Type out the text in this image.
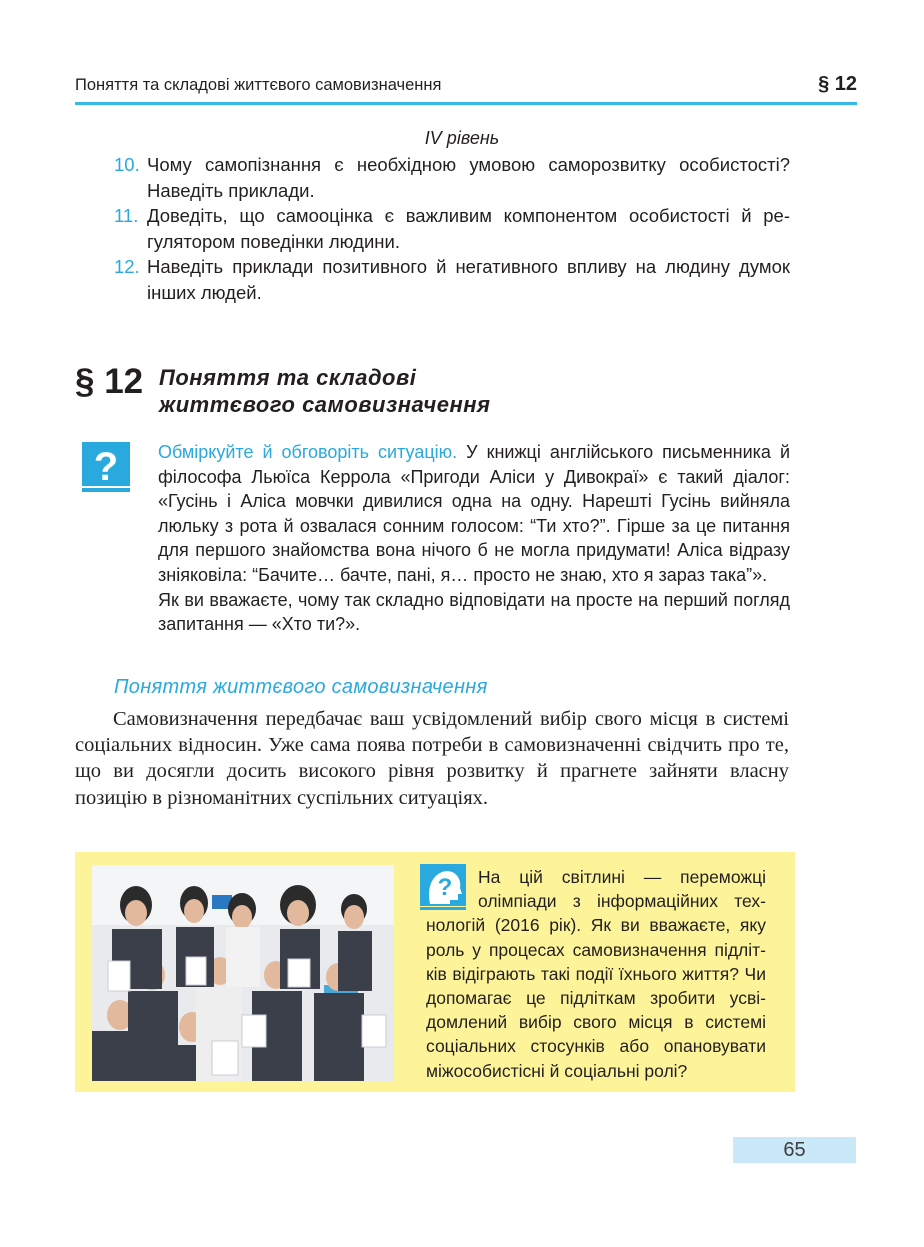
Поняття та складові життєвого самовизначення	§ 12
IV рівень
10. Чому самопізнання є необхідною умовою саморозвитку особистості? Наведіть приклади.
11. Доведіть, що самооцінка є важливим компонентом особистості й регулятором поведінки людини.
12. Наведіть приклади позитивного й негативного впливу на людину думок інших людей.
§ 12 Поняття та складові
життєвого самовизначення
? Обміркуйте й обговоріть ситуацію. У книжці англійського письменника й філософа Льюїса Керрола «Пригоди Аліси у Дивокраї» є такий діалог: «Гусінь і Аліса мовчки дивилися одна на одну. Нарешті Гусінь вийняла люльку з рота й озвалася сонним голосом: “Ти хто?”. Гірше за це питання для першого знайомства вона нічого б не могла придумати! Аліса відразу зніяковіла: “Бачите… бачте, пані, я… просто не знаю, хто я зараз така”».

Як ви вважаєте, чому так складно відповідати на просте на перший погляд запитання — «Хто ти?».

Поняття життєвого самовизначення

Самовизначення передбачає ваш усвідомлений вибір свого місця в системі соціальних відносин. Уже сама поява потреби в самовизначенні свідчить про те, що ви досягли досить високого рівня розвитку й прагнете зайняти власну позицію в різноманітних суспільних ситуаціях.

?	На цій світлині — переможці олімпіади з інформаційних технологій (2016 рік). Як ви вважаєте, яку роль у процесах самовизначення підлітків відіграють такі події їхнього життя? Чи допомагає це підліткам зробити усвідомлений вибір свого місця в системі соціальних стосунків або опановувати міжособистісні й соціальні ролі?
65
